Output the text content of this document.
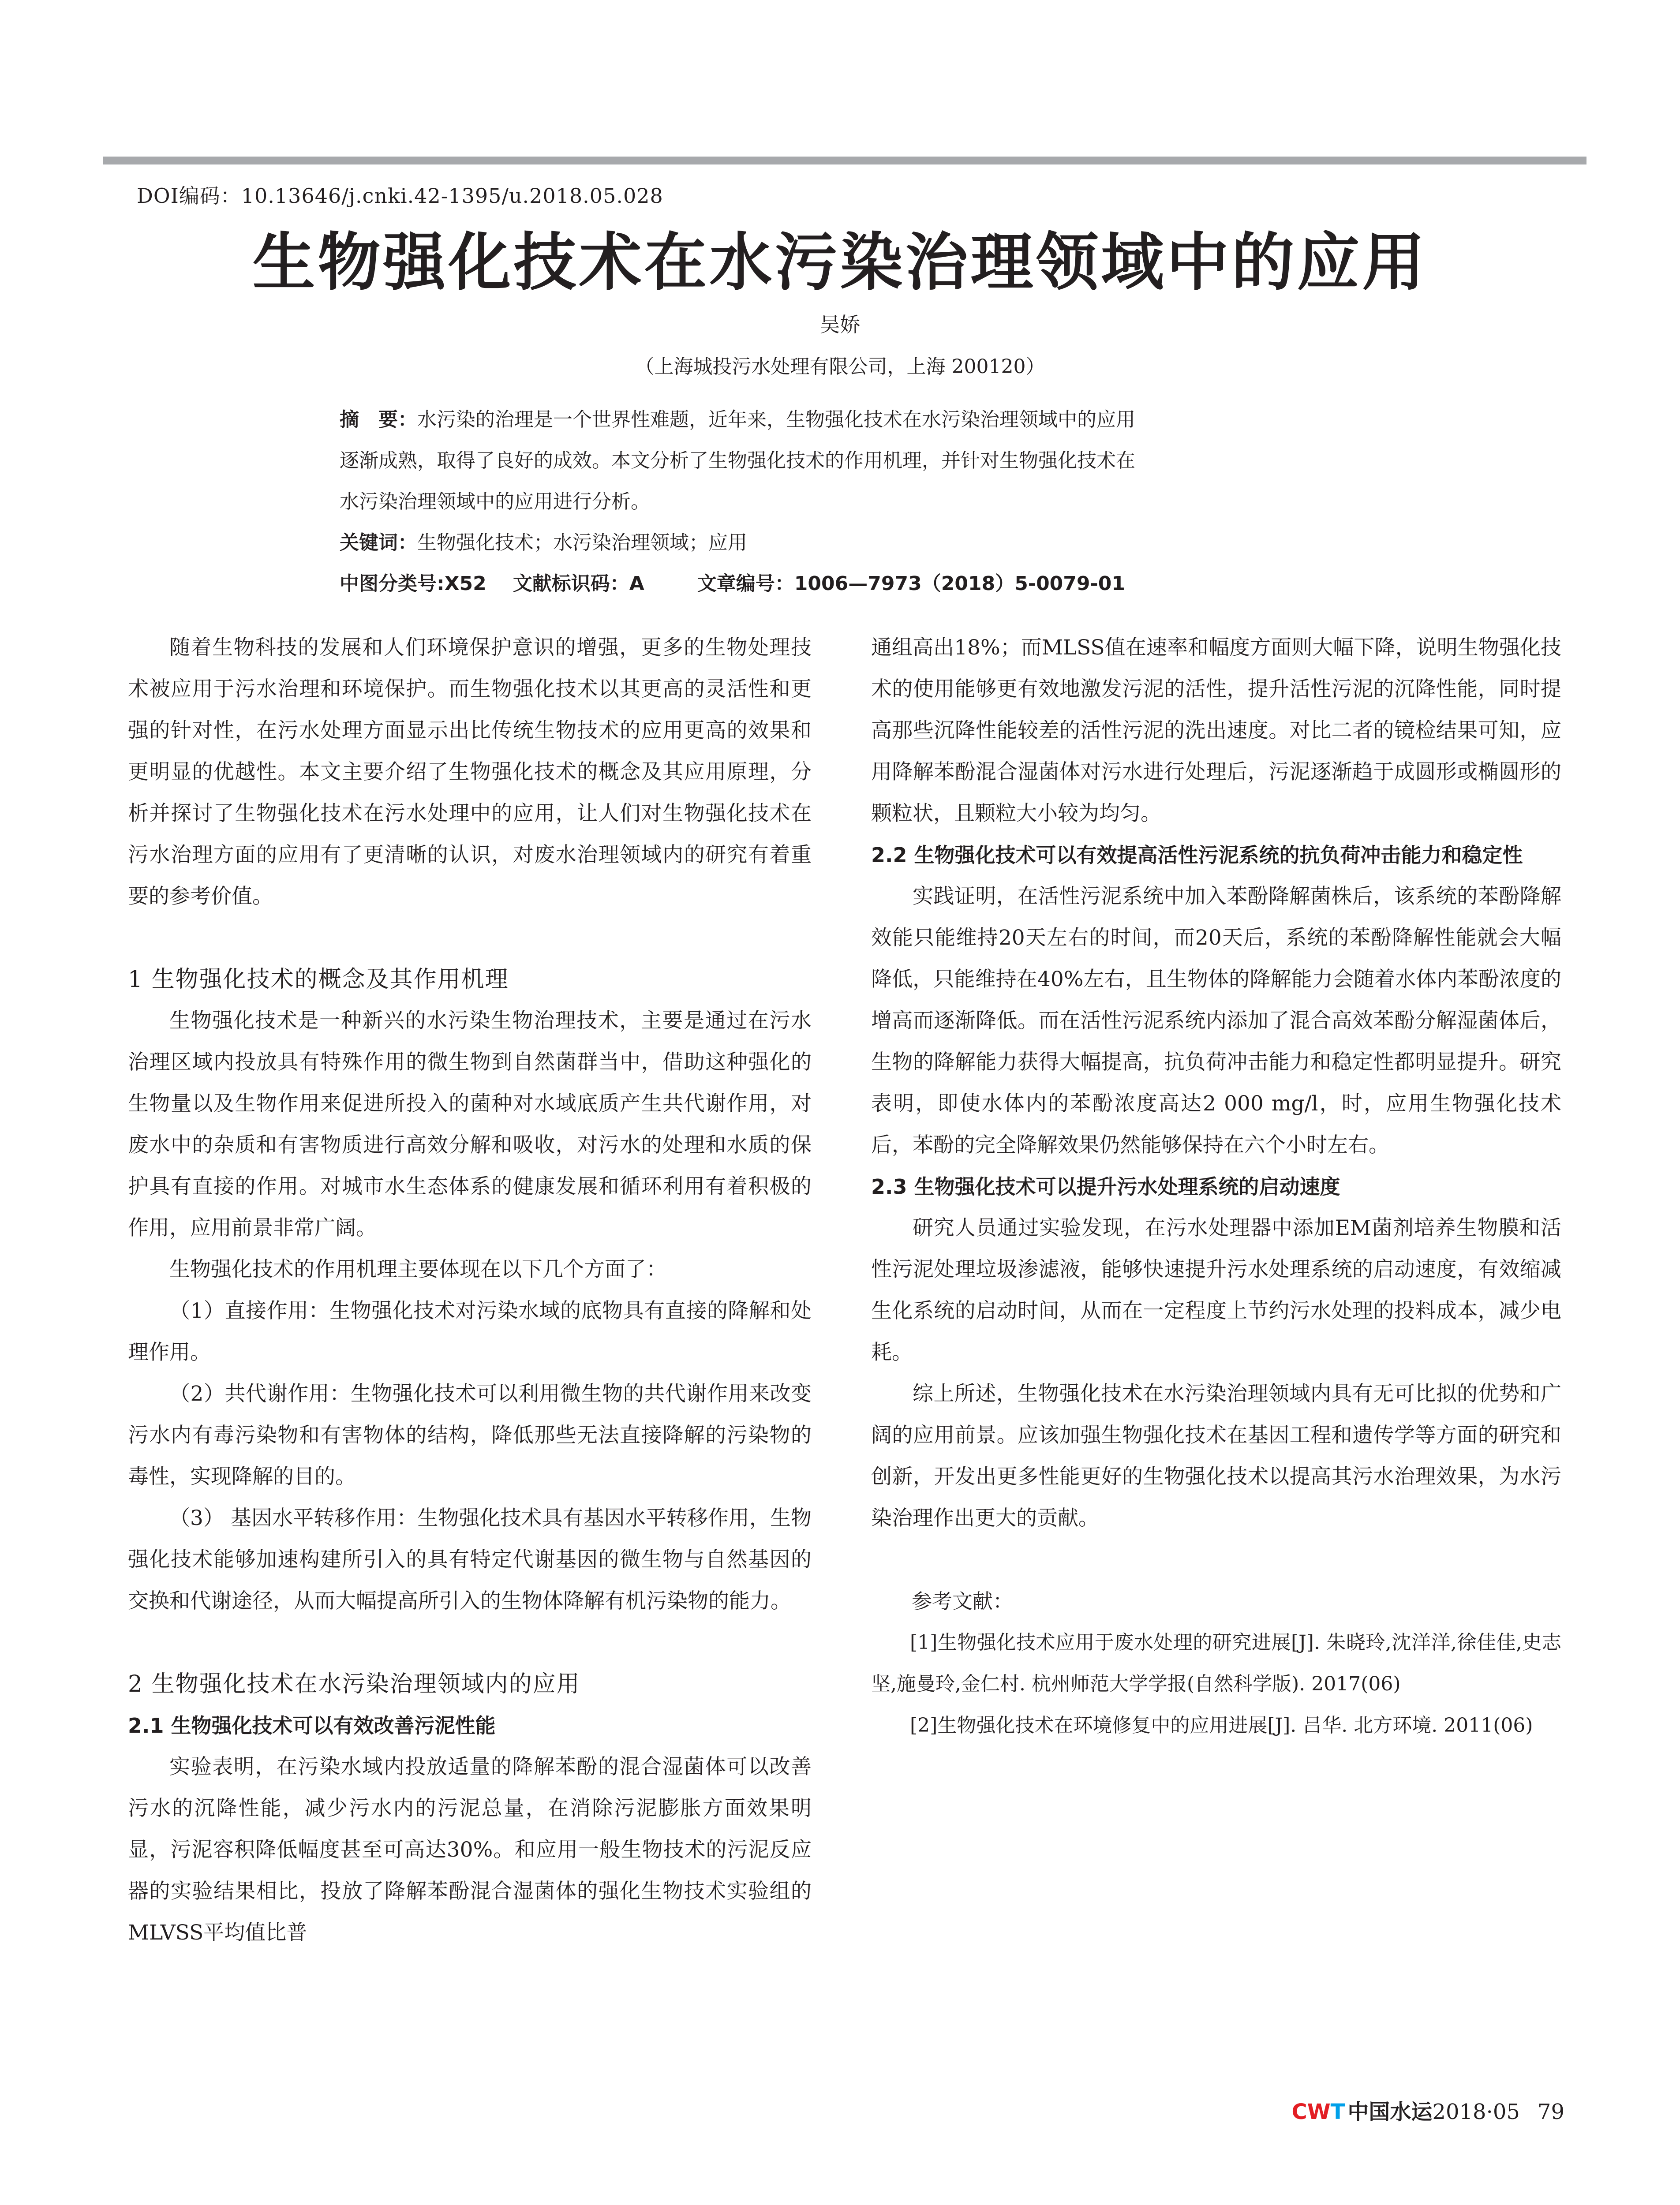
DOI编码：10.13646/j.cnki.42-1395/u.2018.05.028
生物强化技术在水污染治理领域中的应用
吴娇
（上海城投污水处理有限公司，上海 200120）

摘　要：水污染的治理是一个世界性难题，近年来，生物强化技术在水污染治理领域中的应用

逐渐成熟，取得了良好的成效。本文分析了生物强化技术的作用机理，并针对生物强化技术在

水污染治理领域中的应用进行分析。

关键词：生物强化技术；水污染治理领域；应用

中图分类号:X52 文献标识码：A	文章编号：1006—7973（2018）5-0079-01

随着生物科技的发展和人们环境保护意识的增强，更多的生物处理技术被应用于污水治理和环境保护。而生物强化技术以其更高的灵活性和更强的针对性，在污水处理方面显示出比传统生物技术的应用更高的效果和更明显的优越性。本文主要介绍了生物强化技术的概念及其应用原理，分析并探讨了生物强化技术在污水处理中的应用，让人们对生物强化技术在污水治理方面的应用有了更清晰的认识，对废水治理领域内的研究有着重要的参考价值。

1 生物强化技术的概念及其作用机理

生物强化技术是一种新兴的水污染生物治理技术，主要是通过在污水治理区域内投放具有特殊作用的微生物到自然菌群当中，借助这种强化的生物量以及生物作用来促进所投入的菌种对水域底质产生共代谢作用，对废水中的杂质和有害物质进行高效分解和吸收，对污水的处理和水质的保护具有直接的作用。对城市水生态体系的健康发展和循环利用有着积极的作用，应用前景非常广阔。

生物强化技术的作用机理主要体现在以下几个方面了：

（1）直接作用：生物强化技术对污染水域的底物具有直接的降解和处理作用。

（2）共代谢作用：生物强化技术可以利用微生物的共代谢作用来改变污水内有毒污染物和有害物体的结构，降低那些无法直接降解的污染物的毒性，实现降解的目的。

（3） 基因水平转移作用：生物强化技术具有基因水平转移作用，生物强化技术能够加速构建所引入的具有特定代谢基因的微生物与自然基因的交换和代谢途径，从而大幅提高所引入的生物体降解有机污染物的能力。

2 生物强化技术在水污染治理领域内的应用

2.1 生物强化技术可以有效改善污泥性能

实验表明，在污染水域内投放适量的降解苯酚的混合湿菌体可以改善污水的沉降性能，减少污水内的污泥总量，在消除污泥膨胀方面效果明显，污泥容积降低幅度甚至可高达30%。和应用一般生物技术的污泥反应器的实验结果相比，投放了降解苯酚混合湿菌体的强化生物技术实验组的MLVSS平均值比普

通组高出18%；而MLSS值在速率和幅度方面则大幅下降，说明生物强化技术的使用能够更有效地激发污泥的活性，提升活性污泥的沉降性能，同时提高那些沉降性能较差的活性污泥的洗出速度。对比二者的镜检结果可知，应用降解苯酚混合湿菌体对污水进行处理后，污泥逐渐趋于成圆形或椭圆形的颗粒状，且颗粒大小较为均匀。

2.2 生物强化技术可以有效提高活性污泥系统的抗负荷冲击能力和稳定性

实践证明，在活性污泥系统中加入苯酚降解菌株后，该系统的苯酚降解效能只能维持20天左右的时间，而20天后，系统的苯酚降解性能就会大幅降低，只能维持在40%左右，且生物体的降解能力会随着水体内苯酚浓度的增高而逐渐降低。而在活性污泥系统内添加了混合高效苯酚分解湿菌体后，生物的降解能力获得大幅提高，抗负荷冲击能力和稳定性都明显提升。研究表明，即使水体内的苯酚浓度高达2 000 mg/l，时，应用生物强化技术后，苯酚的完全降解效果仍然能够保持在六个小时左右。

2.3 生物强化技术可以提升污水处理系统的启动速度

研究人员通过实验发现，在污水处理器中添加EM菌剂培养生物膜和活性污泥处理垃圾渗滤液，能够快速提升污水处理系统的启动速度，有效缩减生化系统的启动时间，从而在一定程度上节约污水处理的投料成本，减少电耗。

综上所述，生物强化技术在水污染治理领域内具有无可比拟的优势和广阔的应用前景。应该加强生物强化技术在基因工程和遗传学等方面的研究和创新，开发出更多性能更好的生物强化技术以提高其污水治理效果，为水污染治理作出更大的贡献。

参考文献：

[1]生物强化技术应用于废水处理的研究进展[J]. 朱晓玲,沈洋洋,徐佳佳,史志坚,施曼玲,金仁村. 杭州师范大学学报(自然科学版). 2017(06)

[2]生物强化技术在环境修复中的应用进展[J]. 吕华. 北方环境. 2011(06)

CWT 中国水运2018·05 79
